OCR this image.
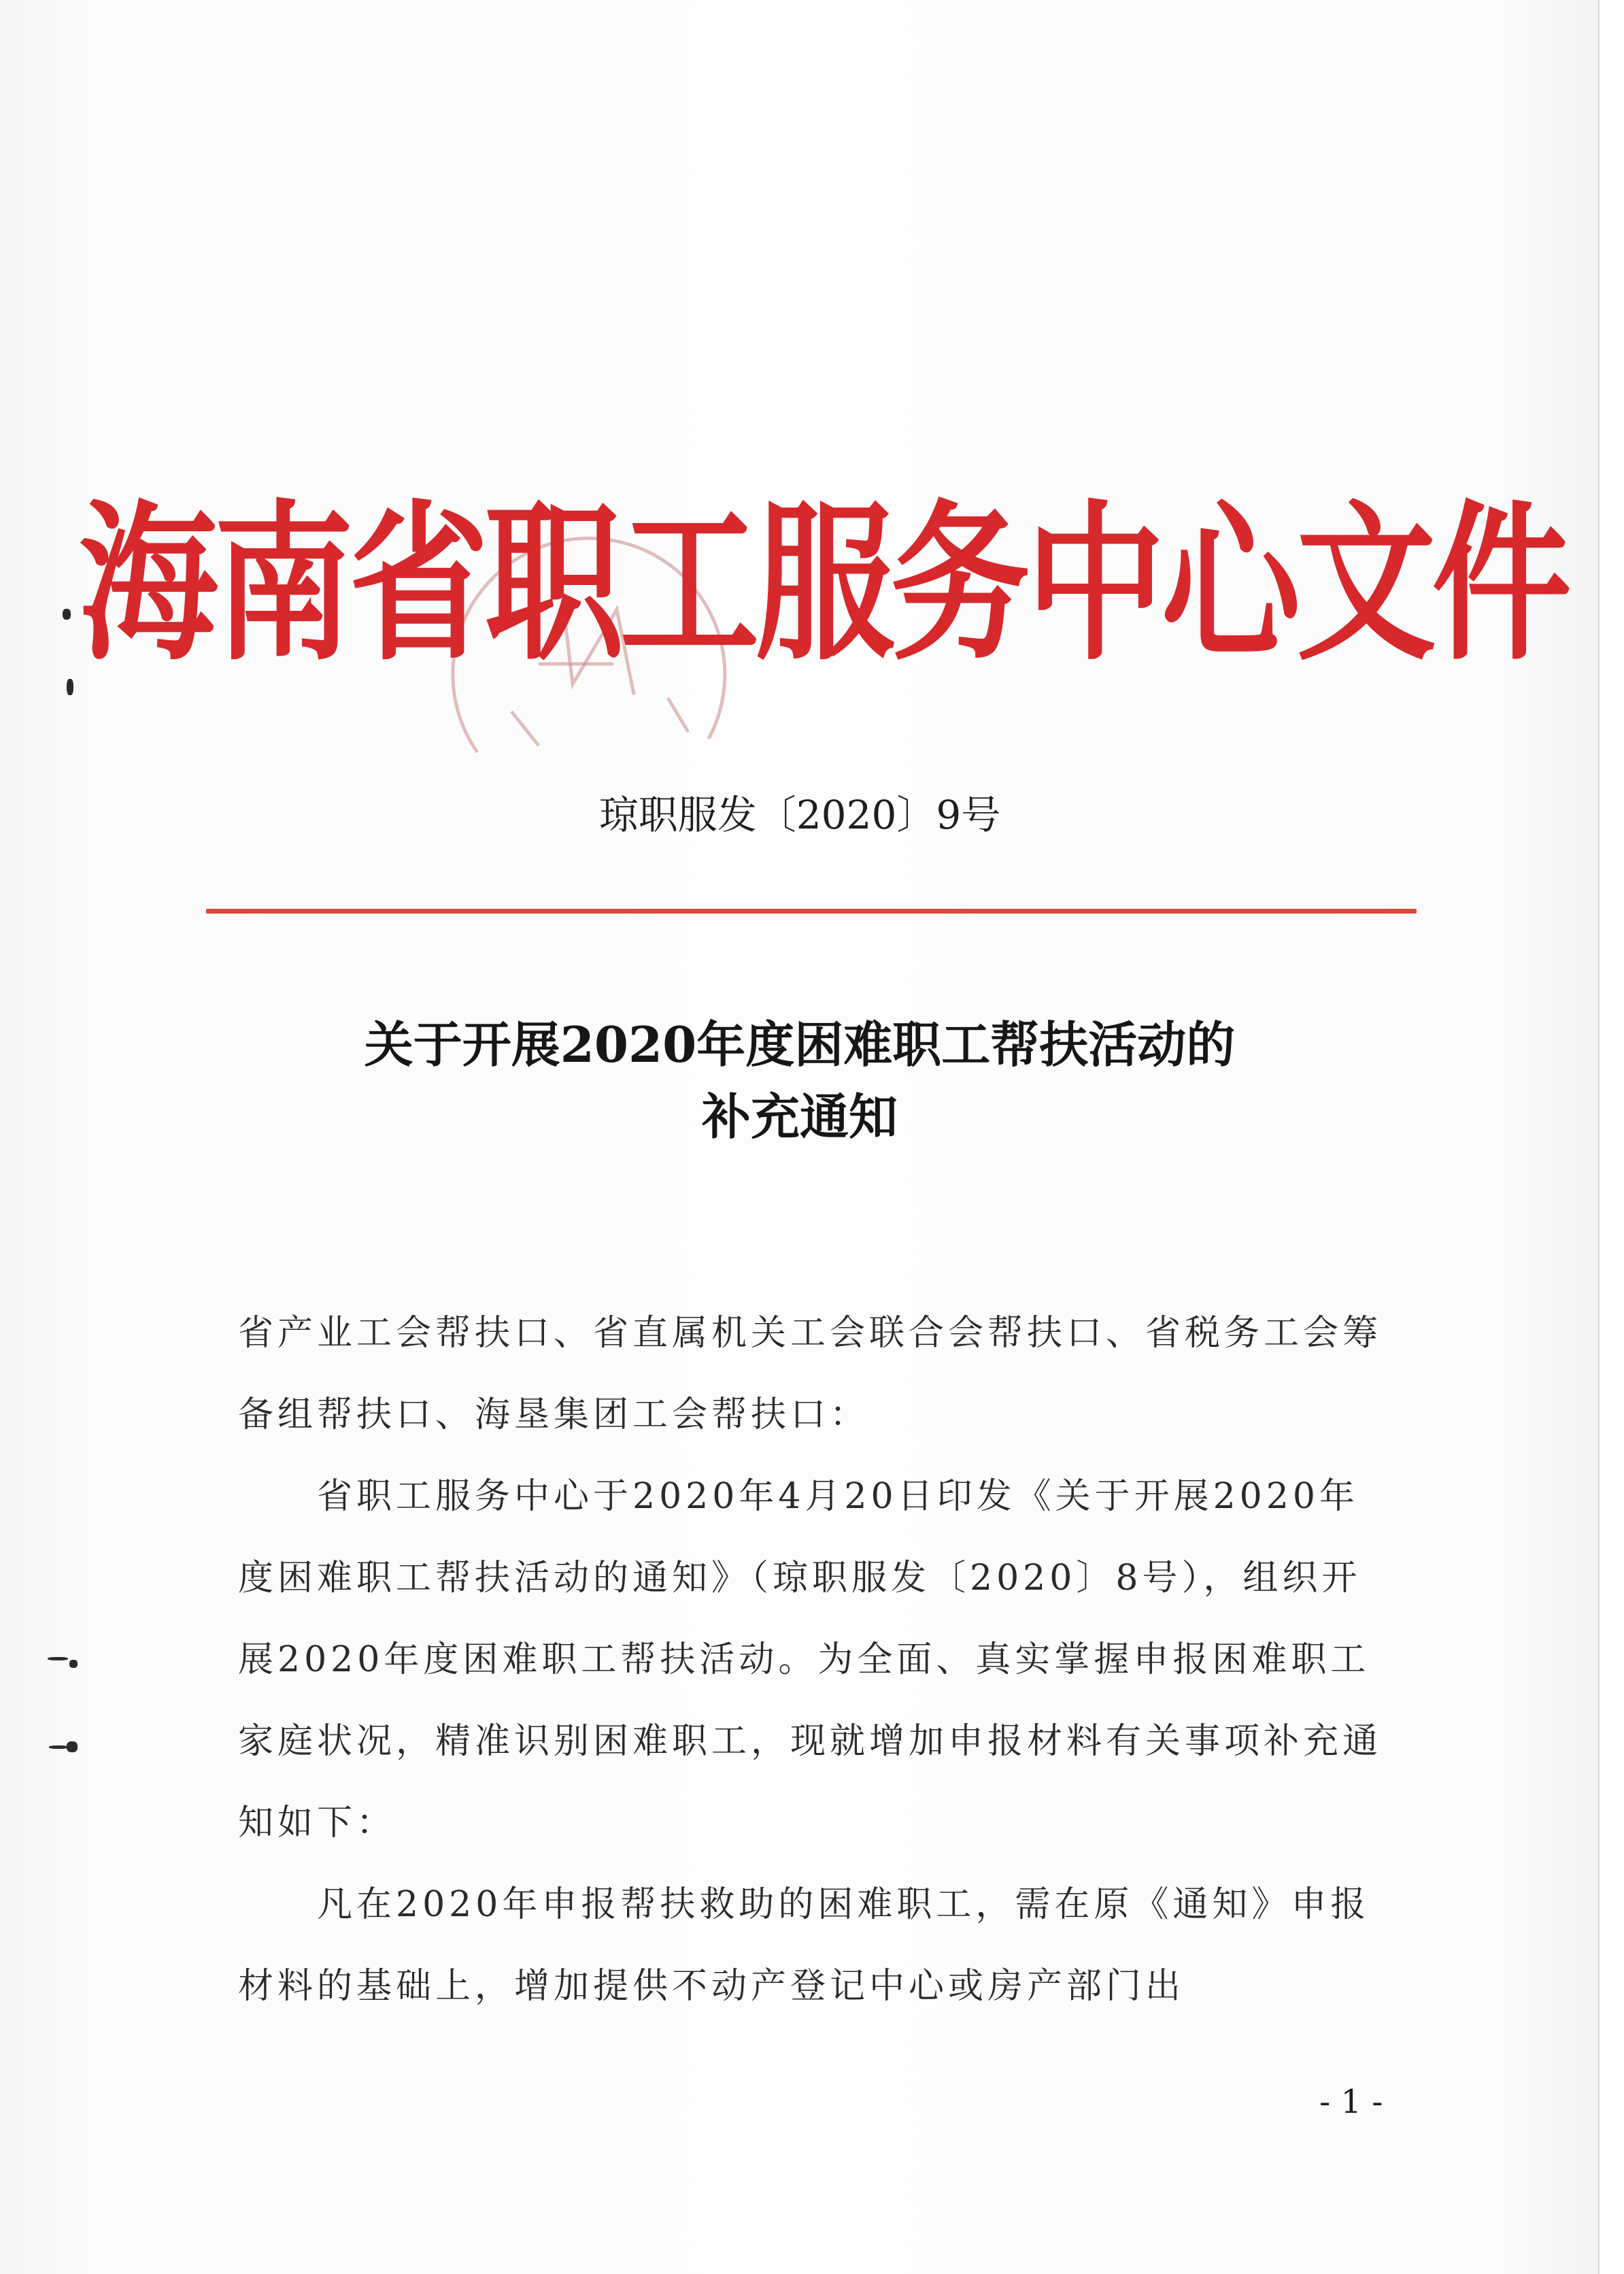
海南省职工服务中心文件
琼职服发〔2020〕9号
关于开展2020年度困难职工帮扶活动的
补充通知

省产业工会帮扶口、省直属机关工会联合会帮扶口、省税务工会筹备组帮扶口、海垦集团工会帮扶口：

省职工服务中心于2020年4月20日印发《关于开展2020年度困难职工帮扶活动的通知》（琼职服发〔2020〕8号），组织开展2020年度困难职工帮扶活动。为全面、真实掌握申报困难职工家庭状况，精准识别困难职工，现就增加申报材料有关事项补充通知如下：

凡在2020年申报帮扶救助的困难职工，需在原《通知》申报材料的基础上，增加提供不动产登记中心或房产部门出

- 1 -
